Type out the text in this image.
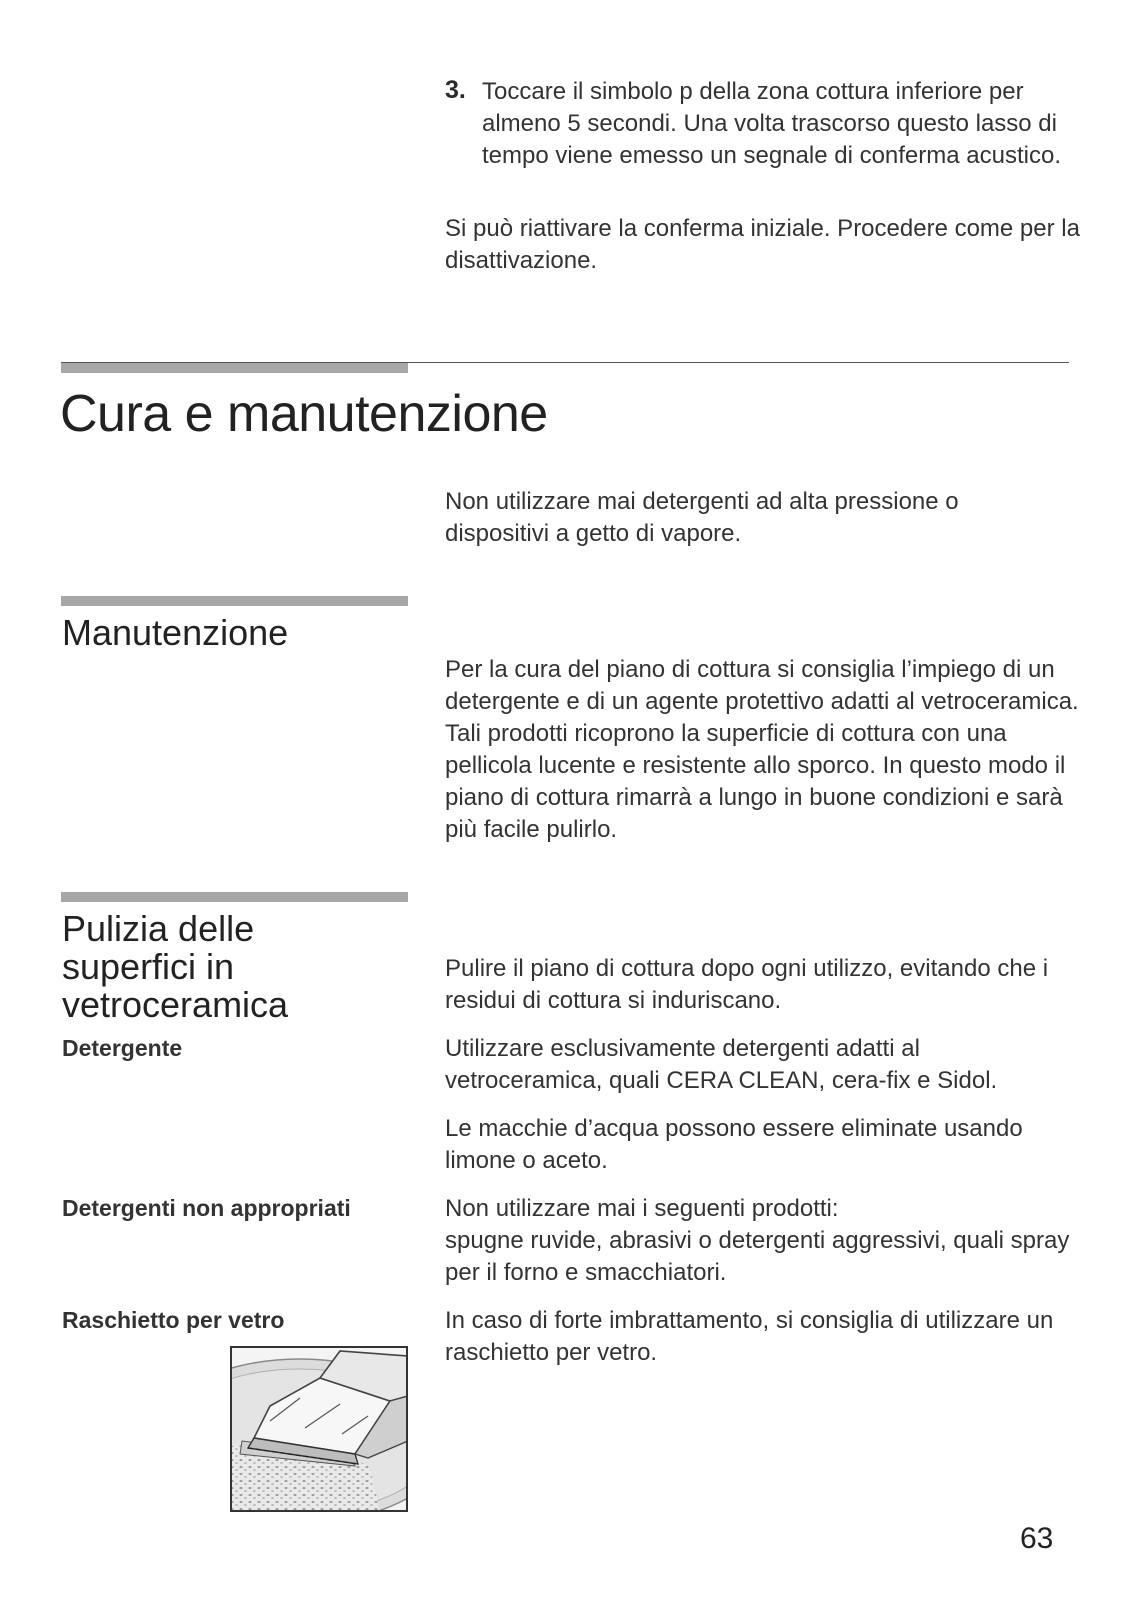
3. Toccare il simbolo p della zona cottura inferiore per almeno 5 secondi. Una volta trascorso questo lasso di tempo viene emesso un segnale di conferma acustico.

Si può riattivare la conferma iniziale. Procedere come per la disattivazione.

Cura e manutenzione

Non utilizzare mai detergenti ad alta pressione o dispositivi a getto di vapore.

Manutenzione

Per la cura del piano di cottura si consiglia l’impiego di un detergente e di un agente protettivo adatti al vetroceramica. Tali prodotti ricoprono la superficie di cottura con una pellicola lucente e resistente allo sporco. In questo modo il piano di cottura rimarrà a lungo in buone condizioni e sarà più facile pulirlo.

Pulizia delle
superfici in
vetroceramica

Pulire il piano di cottura dopo ogni utilizzo, evitando che i residui di cottura si induriscano.

Detergente	Utilizzare esclusivamente detergenti adatti al vetroceramica, quali CERA CLEAN, cera-fix e Sidol.

Le macchie d’acqua possono essere eliminate usando limone o aceto.

Detergenti non appropriati	Non utilizzare mai i seguenti prodotti:

spugne ruvide, abrasivi o detergenti aggressivi, quali spray per il forno e smacchiatori.

Raschietto per vetro	In caso di forte imbrattamento, si consiglia di utilizzare un raschietto per vetro.

63
